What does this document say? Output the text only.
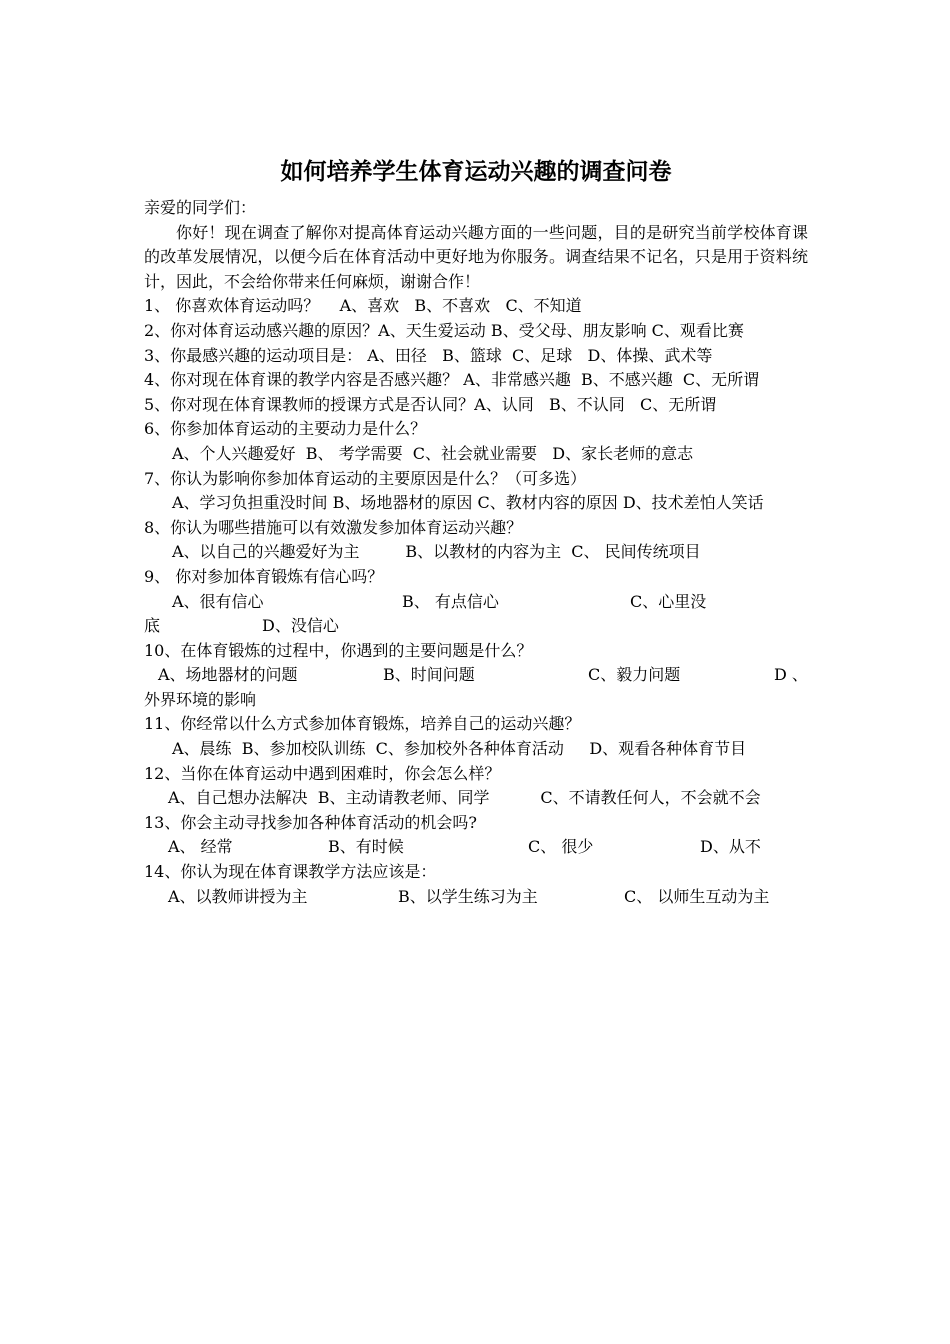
如何培养学生体育运动兴趣的调查问卷
亲爱的同学们：
你好！现在调查了解你对提高体育运动兴趣方面的一些问题，目的是研究当前学校体育课的改革发展情况，以便今后在体育活动中更好地为你服务。调查结果不记名，只是用于资料统计，因此，不会给你带来任何麻烦，谢谢合作！
1、 你喜欢体育运动吗？    A、喜欢   B、不喜欢   C、不知道
2、你对体育运动感兴趣的原因？A、天生爱运动 B、受父母、朋友影响 C、观看比赛
3、你最感兴趣的运动项目是： A、田径   B、篮球  C、足球   D、体操、武术等
4、你对现在体育课的教学内容是否感兴趣？ A、非常感兴趣  B、不感兴趣  C、无所谓
5、你对现在体育课教师的授课方式是否认同？A、认同   B、不认同   C、无所谓
6、你参加体育运动的主要动力是什么？
A、个人兴趣爱好  B、 考学需要  C、社会就业需要   D、家长老师的意志
7、你认为影响你参加体育运动的主要原因是什么？（可多选）
A、学习负担重没时间 B、场地器材的原因 C、教材内容的原因 D、技术差怕人笑话
8、你认为哪些措施可以有效激发参加体育运动兴趣？
A、以自己的兴趣爱好为主         B、以教材的内容为主  C、 民间传统项目
9、 你对参加体育锻炼有信心吗？
A、很有信心	B、 有点信心	C、心里没
底	D、没信心
10、在体育锻炼的过程中，你遇到的主要问题是什么？
A、场地器材的问题	B、时间问题	C、毅力问题	D 、
外界环境的影响
11、你经常以什么方式参加体育锻炼，培养自己的运动兴趣？
A、晨练  B、参加校队训练  C、参加校外各种体育活动     D、观看各种体育节目
12、当你在体育运动中遇到困难时，你会怎么样？
A、自己想办法解决  B、主动请教老师、同学          C、不请教任何人，不会就不会
13、你会主动寻找参加各种体育活动的机会吗?
A、 经常	B、有时候	C、 很少	D、从不
14、你认为现在体育课教学方法应该是：
A、以教师讲授为主	B、以学生练习为主	C、 以师生互动为主
